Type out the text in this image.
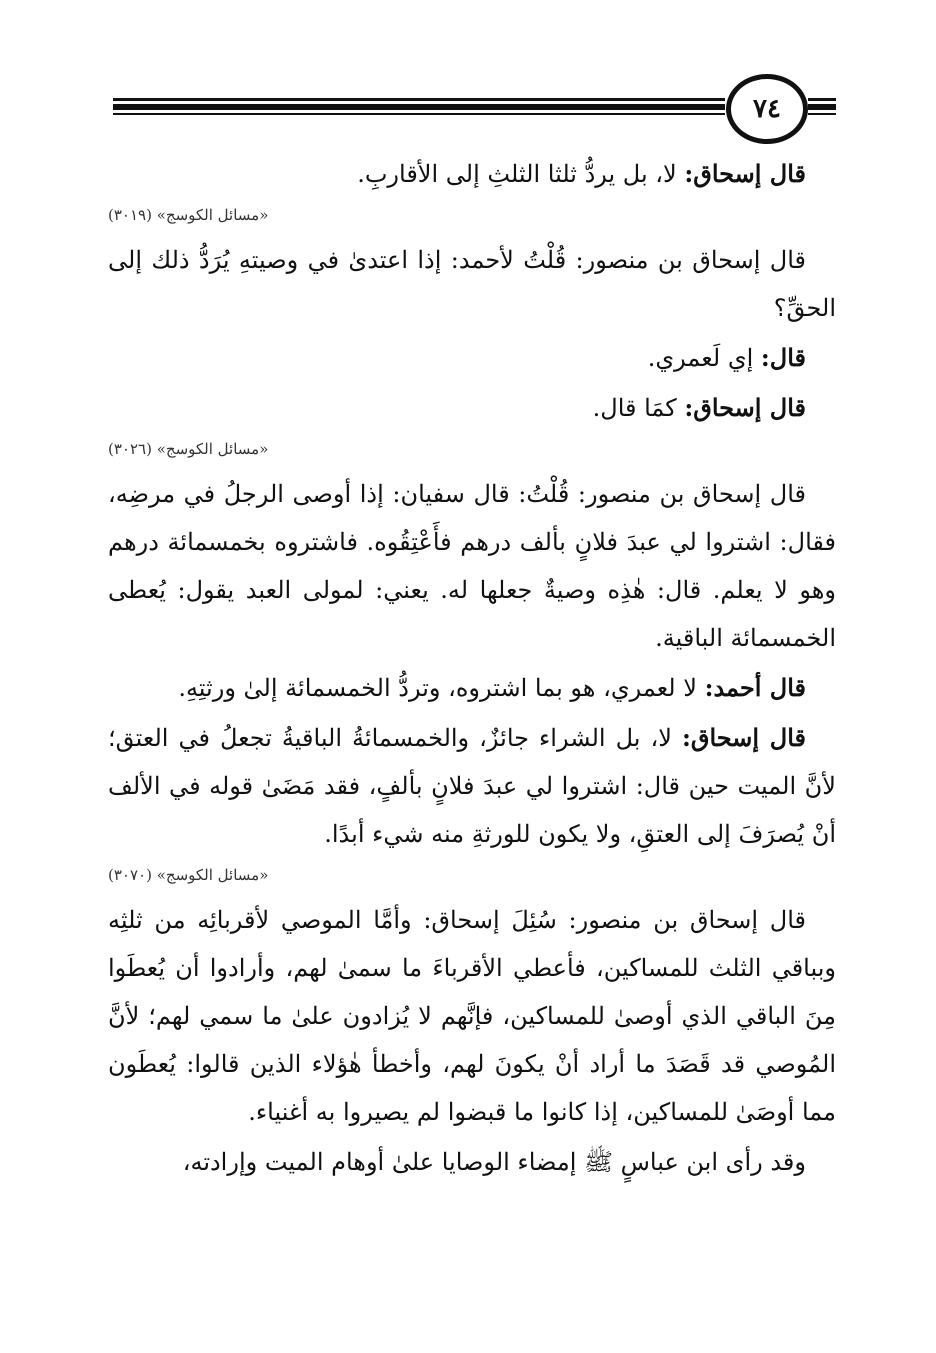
٧٤

قال إسحاق: لا، بل يردُّ ثلثا الثلثِ إلى الأقاربِ.

«مسائل الكوسج» (٣٠١٩)

قال إسحاق بن منصور: قُلْتُ لأحمد: إذا اعتدىٰ في وصيتهِ يُرَدُّ ذلك إلى الحقِّ؟

قال: إي لَعمري.

قال إسحاق: كمَا قال.

«مسائل الكوسج» (٣٠٢٦)

قال إسحاق بن منصور: قُلْتُ: قال سفيان: إذا أوصى الرجلُ في مرضِه، فقال: اشتروا لي عبدَ فلانٍ بألف درهم فأَعْتِقُوه. فاشتروه بخمسمائة درهم وهو لا يعلم. قال: هٰذِه وصيةٌ جعلها له. يعني: لمولى العبد يقول: يُعطى الخمسمائة الباقية.

قال أحمد: لا لعمري، هو بما اشتروه، وتردُّ الخمسمائة إلىٰ ورثتِهِ.

قال إسحاق: لا، بل الشراء جائزٌ، والخمسمائةُ الباقيةُ تجعلُ في العتق؛ لأنَّ الميت حين قال: اشتروا لي عبدَ فلانٍ بألفٍ، فقد مَضَىٰ قوله في الألف أنْ يُصرَفَ إلى العتقِ، ولا يكون للورثةِ منه شيء أبدًا.

«مسائل الكوسج» (٣٠٧٠)

قال إسحاق بن منصور: سُئِلَ إسحاق: وأمَّا الموصي لأقربائِه من ثلثِه وبباقي الثلث للمساكين، فأعطي الأقرباءَ ما سمىٰ لهم، وأرادوا أن يُعطَوا مِنَ الباقي الذي أوصىٰ للمساكين، فإنَّهم لا يُزادون علىٰ ما سمي لهم؛ لأنَّ المُوصي قد قَصَدَ ما أراد أنْ يكونَ لهم، وأخطأ هٰؤلاء الذين قالوا: يُعطَون مما أوصَىٰ للمساكين، إذا كانوا ما قبضوا لم يصيروا به أغنياء.

وقد رأى ابن عباسٍ ﷺ إمضاء الوصايا علىٰ أوهام الميت وإرادته،
